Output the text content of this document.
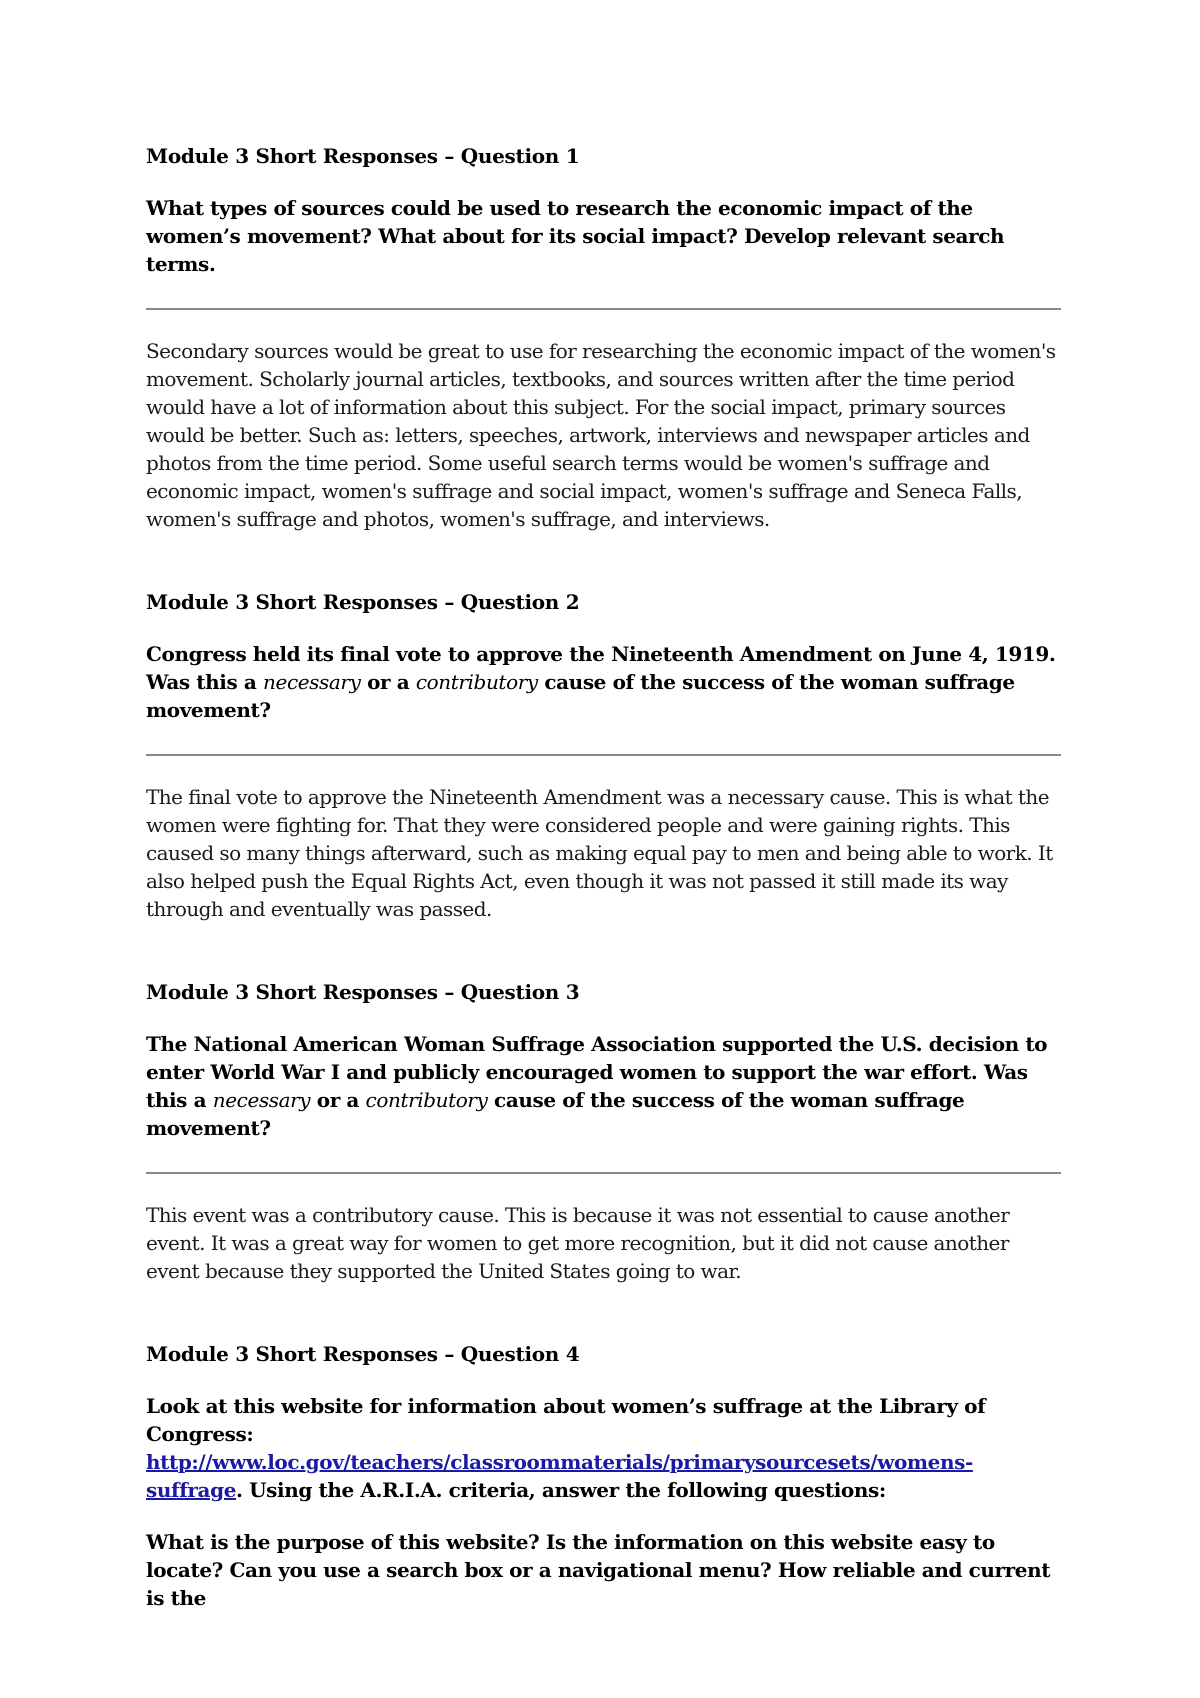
Module 3 Short Responses – Question 1

What types of sources could be used to research the economic impact of the women’s movement? What about for its social impact? Develop relevant search terms.

Secondary sources would be great to use for researching the economic impact of the women's movement. Scholarly journal articles, textbooks, and sources written after the time period would have a lot of information about this subject. For the social impact, primary sources would be better. Such as: letters, speeches, artwork, interviews and newspaper articles and photos from the time period. Some useful search terms would be women's suffrage and economic impact, women's suffrage and social impact, women's suffrage and Seneca Falls, women's suffrage and photos, women's suffrage, and interviews.

Module 3 Short Responses – Question 2

Congress held its final vote to approve the Nineteenth Amendment on June 4, 1919. Was this a necessary or a contributory cause of the success of the woman suffrage movement?

The final vote to approve the Nineteenth Amendment was a necessary cause. This is what the women were fighting for. That they were considered people and were gaining rights. This caused so many things afterward, such as making equal pay to men and being able to work. It also helped push the Equal Rights Act, even though it was not passed it still made its way through and eventually was passed.

Module 3 Short Responses – Question 3

The National American Woman Suffrage Association supported the U.S. decision to enter World War I and publicly encouraged women to support the war effort. Was this a necessary or a contributory cause of the success of the woman suffrage movement?

This event was a contributory cause. This is because it was not essential to cause another event. It was a great way for women to get more recognition, but it did not cause another event because they supported the United States going to war.

Module 3 Short Responses – Question 4

Look at this website for information about women’s suffrage at the Library of Congress: http://www.loc.gov/teachers/classroommaterials/primarysourcesets/womens-suffrage. Using the A.R.I.A. criteria, answer the following questions:

What is the purpose of this website? Is the information on this website easy to locate? Can you use a search box or a navigational menu? How reliable and current is the
